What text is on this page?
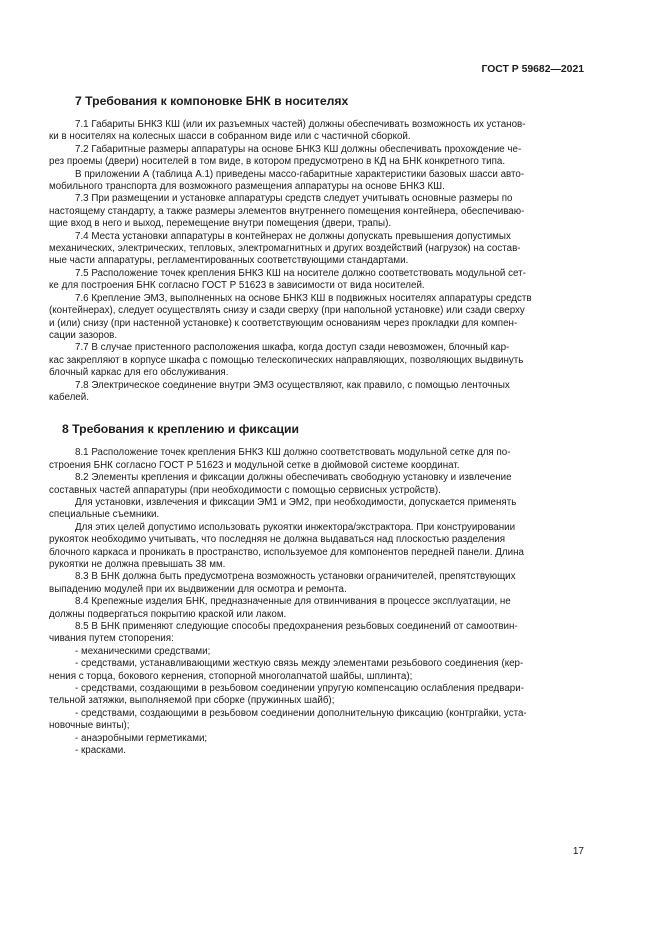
ГОСТ Р 59682—2021
7 Требования к компоновке БНК в носителях
7.1 Габариты БНКЗ КШ (или их разъемных частей) должны обеспечивать возможность их установ-
ки в носителях на колесных шасси в собранном виде или с частичной сборкой.
7.2 Габаритные размеры аппаратуры на основе БНКЗ КШ должны обеспечивать прохождение че-
рез проемы (двери) носителей в том виде, в котором предусмотрено в КД на БНК конкретного типа.
В приложении А (таблица А.1) приведены массо-габаритные характеристики базовых шасси авто-
мобильного транспорта для возможного размещения аппаратуры на основе БНКЗ КШ.
7.3 При размещении и установке аппаратуры средств следует учитывать основные размеры по
настоящему стандарту, а также размеры элементов внутреннего помещения контейнера, обеспечиваю-
щие вход в него и выход, перемещение внутри помещения (двери, трапы).
7.4 Места установки аппаратуры в контейнерах не должны допускать превышения допустимых
механических, электрических, тепловых, электромагнитных и других воздействий (нагрузок) на состав-
ные части аппаратуры, регламентированных соответствующими стандартами.
7.5 Расположение точек крепления БНКЗ КШ на носителе должно соответствовать модульной сет-
ке для построения БНК согласно ГОСТ Р 51623 в зависимости от вида носителей.
7.6 Крепление ЭМЗ, выполненных на основе БНКЗ КШ в подвижных носителях аппаратуры средств
(контейнерах), следует осуществлять снизу и сзади сверху (при напольной установке) или сзади сверху
и (или) снизу (при настенной установке) к соответствующим основаниям через прокладки для компен-
сации зазоров.
7.7 В случае пристенного расположения шкафа, когда доступ сзади невозможен, блочный кар-
кас закрепляют в корпусе шкафа с помощью телескопических направляющих, позволяющих выдвинуть
блочный каркас для его обслуживания.
7.8 Электрическое соединение внутри ЭМЗ осуществляют, как правило, с помощью ленточных
кабелей.
8 Требования к креплению и фиксации
8.1 Расположение точек крепления БНКЗ КШ должно соответствовать модульной сетке для по-
строения БНК согласно ГОСТ Р 51623 и модульной сетке в дюймовой системе координат.
8.2 Элементы крепления и фиксации должны обеспечивать свободную установку и извлечение
составных частей аппаратуры (при необходимости с помощью сервисных устройств).
Для установки, извлечения и фиксации ЭМ1 и ЭМ2, при необходимости, допускается применять
специальные съемники.
Для этих целей допустимо использовать рукоятки инжектора/экстрактора. При конструировании
рукояток необходимо учитывать, что последняя не должна выдаваться над плоскостью разделения
блочного каркаса и проникать в пространство, используемое для компонентов передней панели. Длина
рукоятки не должна превышать 38 мм.
8.3 В БНК должна быть предусмотрена возможность установки ограничителей, препятствующих
выпадению модулей при их выдвижении для осмотра и ремонта.
8.4 Крепежные изделия БНК, предназначенные для отвинчивания в процессе эксплуатации, не
должны подвергаться покрытию краской или лаком.
8.5 В БНК применяют следующие способы предохранения резьбовых соединений от самоотвин-
чивания путем стопорения:
- механическими средствами;
- средствами, устанавливающими жесткую связь между элементами резьбового соединения (кер-
нения с торца, бокового кернения, стопорной многолапчатой шайбы, шплинта);
- средствами, создающими в резьбовом соединении упругую компенсацию ослабления предвари-
тельной затяжки, выполняемой при сборке (пружинных шайб);
- средствами, создающими в резьбовом соединении дополнительную фиксацию (контргайки, уста-
новочные винты);
- анаэробными герметиками;
- красками.
17
